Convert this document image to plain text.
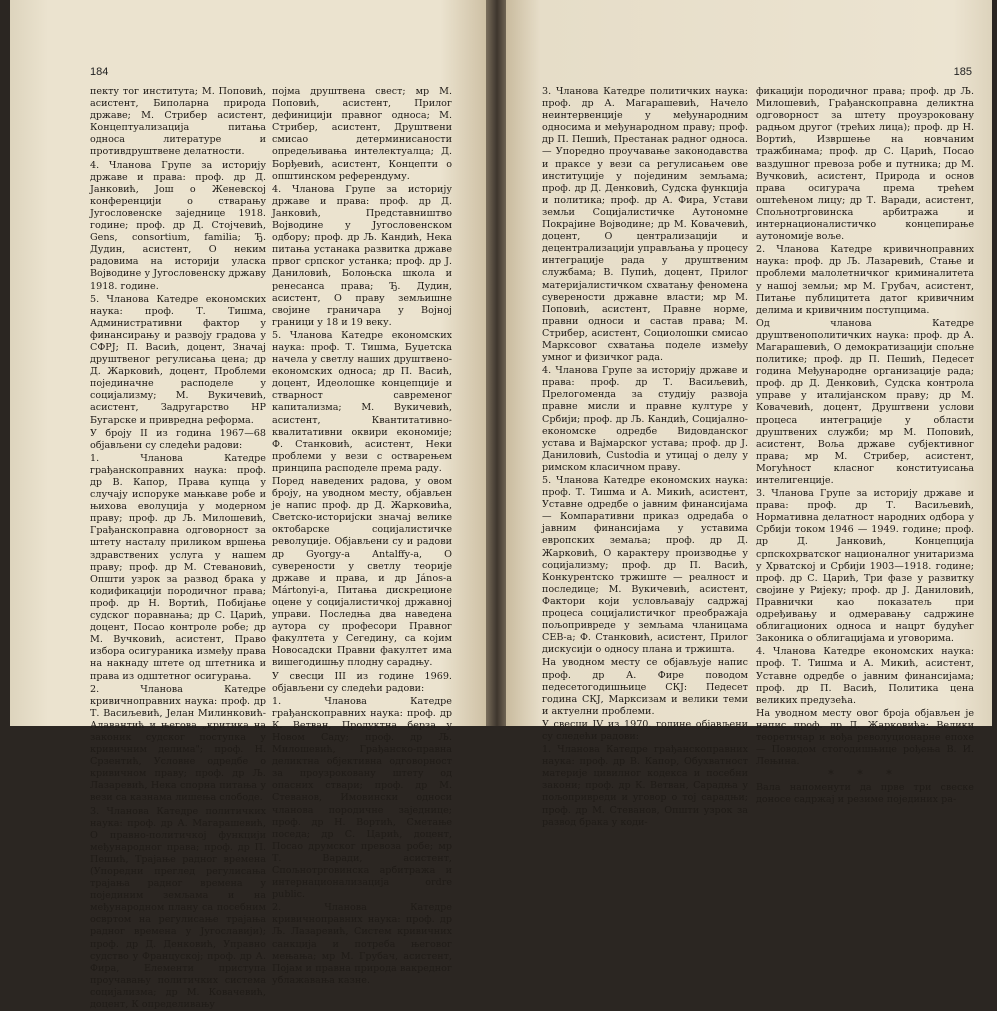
184

пекту тог института; М. Поповић, асистент, Биполарна природа државе; М. Стрибер асистент, Концептуализација питања односа литературе и противдруштвене делатности.

4. Чланова Групе за историју државе и права: проф. др Д. Јанковић, Још о Женевској конференцији о стварању Југословенске заједнице 1918. године; проф. др Д. Стојчевић, Gens, consortium, familia; Ђ. Дудин, асистент, О неким радовима на историји уласка Војводине у Југословенску државу 1918. године.

5. Чланова Катедре економских наука: проф. Т. Тишма, Административни фактор у финансирању и развоју градова у СФРЈ; П. Васић, доцент, Значај друштвеног регулисања цена; др Д. Жарковић, доцент, Проблеми појединачне расподеле у социјализму; М. Вукичевић, асистент, Задругарство НР Бугарске и привредна реформа.

У броју II из година 1967—68 објављени су следећи радови:

1. Чланова Катедре грађанскоправних наука: проф. др В. Капор, Права купца у случају испоруке мањкаве робе и њихова еволуција у модерном праву; проф. др Љ. Милошевић, Грађанскоправна одговорност за штету насталу приликом вршења здравствених услуга у нашем праву; проф. др М. Стевановић, Општи узрок за развод брака у кодификацији породичног права; проф. др Н. Вортић, Побијање судског поравнања; др С. Царић, доцент, Посао контроле робе; др М. Вучковић, асистент, Право избора осигураника између права на накнаду штете од штетника и права из одштетног осигурања.

2. Чланова Катедре кривичноправних наука: проф. др Т. Васиљевић, Јелан Милинковић-Алавантић и његова „критика на законик судског поступка у кривичним делима"; проф. Н. Срзентић, Условне одредбе о кривичном праву; проф. др Љ. Лазаревић, Нека спорна питања у вези са казнама лишења слободе.

3. Чланова Катедре политичких наука: проф. др А. Магарашевић, О правно-политичкој функцији међународног права; проф. др П. Пешић, Трајање радног времена (Упоредни преглед регулисања трајања радног времена у појединим земљама и на међународном плану са посебним освртом на регулисање трајања радног времена у Југославији); проф. др Д. Денковић, Управно судство у Француској; проф. др А. Фира, Елементи приступа проучавању политичких система социјализма; др М. Ковачевић, доцент, К определивању

појма друштвена свест; мр М. Поповић, асистент, Прилог дефиницији правног односа; М. Стрибер, асистент, Друштвени смисао детерминисаности опредељивања интелектуалца; Д. Борђевић, асистент, Концепти о општинском референдуму.

4. Чланова Групе за историју државе и права: проф. др Д. Јанковић, Представништво Војводине у Југословенском одбору; проф. др Љ. Кандић, Нека питања устанака развитка државе првог српског устанка; проф. др Ј. Даниловић, Болоњска школа и ренесанса права; Ђ. Дудин, асистент, О праву земљишне својине граничара у Војној граници у 18 и 19 веку.

5. Чланова Катедре економских наука: проф. Т. Тишма, Буџетска начела у светлу наших друштвено-економских односа; др П. Васић, доцент, Идеолошке концепције и стварност савременог капитализма; М. Вукичевић, асистент, Квантитативно-квалитативни оквири економије; Ф. Станковић, асистент, Неки проблеми у вези с остварењем принципа расподеле према раду.

Поред наведених радова, у овом броју, на уводном месту, објављен је напис проф. др Д. Жарковића, Светско-историјски значај велике октобарске социјалистичке револуције. Објављени су и радови др Gyorgy-a Antalffy-a, О суверености у светлу теорије државе и права, и др János-a Mártonyi-a, Питања дискреционе оцене у социјалистичкој државној управи. Последња два наведена аутора су професори Правног факултета у Сегедину, са којим Новосадски Правни факултет има вишегодишњу плодну сарадњу.

У свесци III из године 1969. објављени су следећи радови:

1. Чланова Катедре грађанскоправних наука: проф. др К. Ветван, Продуктна берза у Новом Саду; проф. др Љ. Милошевић, Грађанско-правна деликтна објективна одговорност за проузроковану штету од опасних ствари; проф. др М. Стеванов, Имовински односи чланова породичне заједнице; проф. др Н. Вортић, Сметање поседа; др С. Царић, доцент, Посао друмског превоза робе; мр Т. Варади, асистент, Спољнотрговинска арбитража и интернационализација ordre public.

2. Чланова Катедре кривичноправних наука: проф. др Љ. Лазаревић, Систем кривичних санкција и потреба његовог мењања; мр М. Грубач, асистент, Појам и правна природа вакредног ублажавања казне.

185

3. Чланова Катедре политичких наука: проф. др А. Магарашевић, Начело неинтервенције у међународним односима и међународном праву; проф. др П. Пешић, Престанак радног односа. — Упоредно проучавање законодавства и праксе у вези са регулисањем ове институције у појединим земљама; проф. др Д. Денковић, Судска функција и политика; проф. др А. Фира, Устави земљи Социјалистичке Аутономне Покрајине Војводине; др М. Ковачевић, доцент, О централизацији и децентрализацији управљања у процесу интеграције рада у друштвеним службама; В. Пупић, доцент, Прилог материјалистичком схватању феномена суверености државне власти; мр М. Поповић, асистент, Правне норме, правни односи и састав права; М. Стрибер, асистент, Социолошки смисао Марксовог схватања поделе између умног и физичког рада.

4. Чланова Групе за историју државе и права: проф. др Т. Васиљевић, Прелогоменда за студију развоја правне мисли и правне културе у Србији; проф. др Љ. Кандић, Социјално-економске одредбе Видовданског устава и Вајмарског устава; проф. др Ј. Даниловић, Custodia и утицај о делу у римском класичном праву.

5. Чланова Катедре економских наука: проф. Т. Тишма и А. Микић, асистент, Уставне одредбе о јавним финансијама — Компаративни приказ одредаба о јавним финансијама у уставима европских земаља; проф. др Д. Жарковић, О карактеру производње у социјализму; проф. др П. Васић, Конкурентско тржиште — реалност и последице; М. Вукичевић, асистент, Фактори који условљавају садржај процеса социјалистичког преображаја пољопривреде у земљама чланицама СЕВ-а; Ф. Станковић, асистент, Прилог дискусији о односу плана и тржишта.

На уводном месту се објављује напис проф. др А. Фире поводом педесетогодишњице СКЈ: Педесет година СКЈ, Марксизам и велики теми и актуелни проблеми.

У свесци IV из 1970. године објављени су следећи радови:

1. Чланова Катедре грађанскоправних наука: проф. др В. Капор, Обухватност материје цивилног кодекса и посебни закони; проф. др К. Ветван, Сарадња у пољопривреди и уговор о тој сарадњи; проф. др М. Стеванов, Општи узрок за развод брака у коди-

фикацији породичног права; проф. др Љ. Милошевић, Грађанскоправна деликтна одговорност за штету проузроковану радњом другог (трећих лица); проф. др Н. Вортић, Извршење на новчаним тражбинама; проф. др С. Царић, Посао ваздушног превоза робе и путника; др М. Вучковић, асистент, Природа и основ права осигурача према трећем оштећеном лицу; др Т. Варади, асистент, Спољнотрговинска арбитража и интернационалистичко концепирање аутономије воље.

2. Чланова Катедре кривичноправних наука: проф. др Љ. Лазаревић, Стање и проблеми малолетничког криминалитета у нашој земљи; мр М. Грубач, асистент, Питање публицитета датог кривичним делима и кривичним поступцима.

Од чланова Катедре друштвенополитичких наука: проф. др А. Магарашевић, О демократизацији спољне политике; проф. др П. Пешић, Педесет година Међународне организације рада; проф. др Д. Денковић, Судска контрола управе у италијанском праву; др М. Ковачевић, доцент, Друштвени услови процеса интеграције у области друштвених служби; мр М. Поповић, асистент, Воља државе субјективног права; мр М. Стрибер, асистент, Могућност класног конституисања интелигенције.

3. Чланова Групе за историју државе и права: проф. др Т. Васиљевић, Нормативна делатност народних одбора у Србији током 1946 — 1949. године; проф. др Д. Јанковић, Концепција српскохрватског националног унитаризма у Хрватској и Србији 1903—1918. године; проф. др С. Царић, Три фазе у развитку својине у Ријеку; проф. др Ј. Даниловић, Правнички као показатељ при одређивању и одмеравању садржине облигационих односа и нацрт будућег Законика о облигацијама и уговорима.

4. Чланова Катедре економских наука: проф. Т. Тишма и А. Микић, асистент, Уставне одредбе о јавним финансијама; проф. др П. Васић, Политика цена великих предузећа.

На уводном месту овог броја објављен је напис проф. др Д. Жарковића: Велики теоретичар и вођа револуционарне епохе — Поводом стогодишњице рођења В. И. Лењина.

* * *

Вала напоменути да прве три свеске доносе садржај и резиме појединих ра-
